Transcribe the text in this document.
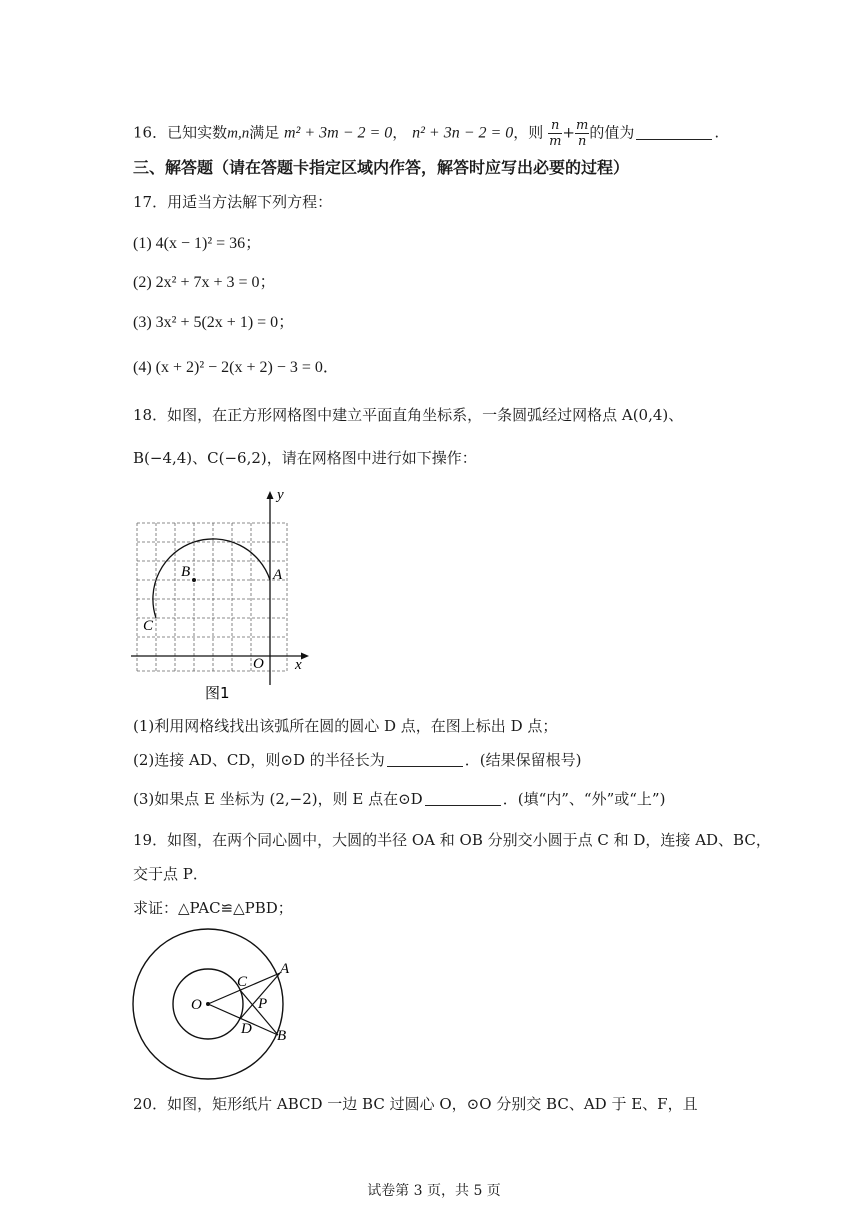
16．已知实数m,n满足 m² + 3m − 2 = 0， n² + 3n − 2 = 0，则 $\frac{n}{m} + \frac{m}{n}$ 的值为	.
三、解答题（请在答题卡指定区域内作答，解答时应写出必要的过程）
17．用适当方法解下列方程：
(1) 4(x − 1)² = 36；
(2) 2x² + 7x + 3 = 0；
(3) 3x² + 5(2x + 1) = 0；
(4) (x + 2)² − 2(x + 2) − 3 = 0．
18．如图，在正方形网格图中建立平面直角坐标系，一条圆弧经过网格点 A(0,4)、
B(−4,4)、C(−6,2)，请在网格图中进行如下操作：
y
x
O
A
B
C
图1
(1)利用网格线找出该弧所在圆的圆心 D 点，在图上标出 D 点；
(2)连接 AD、CD，则⊙D 的半径长为	．(结果保留根号)
(3)如果点 E 坐标为 (2,−2)，则 E 点在⊙D	．(填“内”、“外”或“上”)
19．如图，在两个同心圆中，大圆的半径 OA 和 OB 分别交小圆于点 C 和 D，连接 AD、BC，
交于点 P．
求证：△PAC≌△PBD；
O
A
B
C
D
P
20．如图，矩形纸片 ABCD 一边 BC 过圆心 O，⊙O 分别交 BC、AD 于 E、F，且
试卷第 3 页，共 5 页
